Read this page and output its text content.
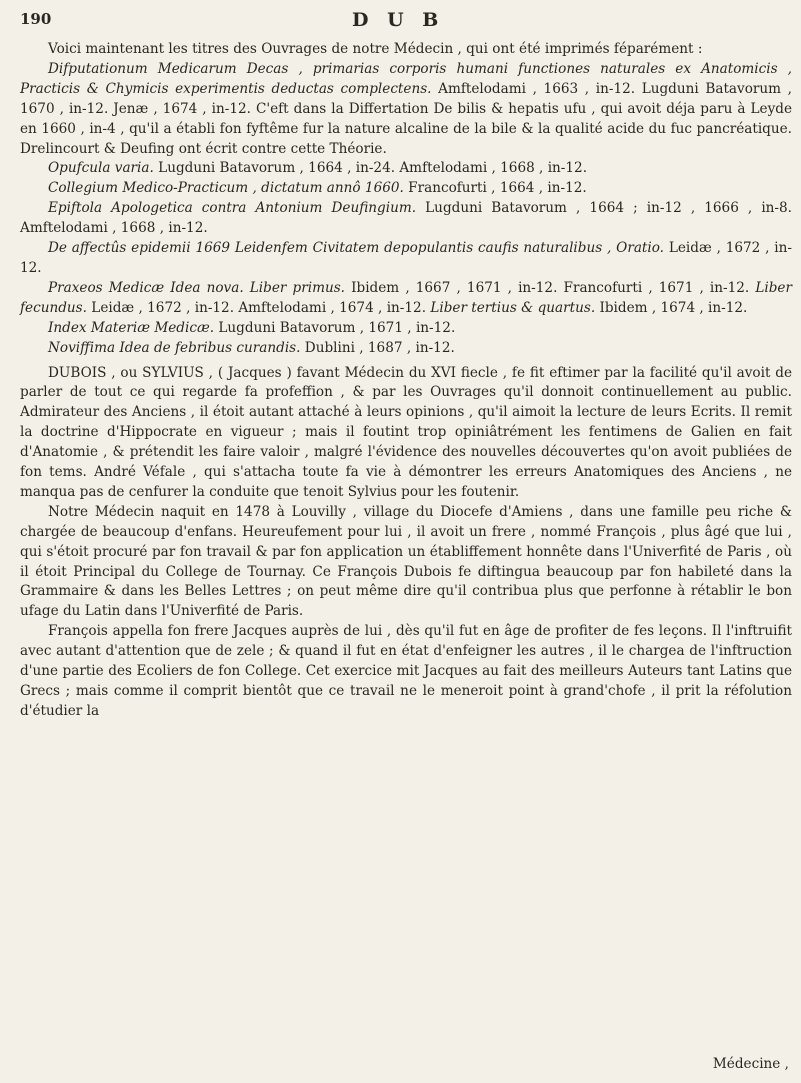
190	D U B

Voici maintenant les titres des Ouvrages de notre Médecin , qui ont été imprimés féparément :

Difputationum Medicarum Decas , primarias corporis humani functiones naturales ex Anatomicis , Practicis & Chymicis experimentis deductas complectens. Amftelodami , 1663 , in-12. Lugduni Batavorum , 1670 , in-12. Jenæ , 1674 , in-12. C'eft dans la Differtation De bilis & hepatis ufu , qui avoit déja paru à Leyde en 1660 , in-4 , qu'il a établi fon fyftême fur la nature alcaline de la bile & la qualité acide du fuc pancréatique. Drelincourt & Deufing ont écrit contre cette Théorie.

Opufcula varia. Lugduni Batavorum , 1664 , in-24. Amftelodami , 1668 , in-12.

Collegium Medico-Practicum , dictatum annô 1660. Francofurti , 1664 , in-12.

Epiftola Apologetica contra Antonium Deufingium. Lugduni Batavorum , 1664 ; in-12 , 1666 , in-8. Amftelodami , 1668 , in-12.

De affectûs epidemii 1669 Leidenfem Civitatem depopulantis caufis naturalibus , Oratio. Leidæ , 1672 , in-12.

Praxeos Medicæ Idea nova. Liber primus. Ibidem , 1667 , 1671 , in-12. Francofurti , 1671 , in-12. Liber fecundus. Leidæ , 1672 , in-12. Amftelodami , 1674 , in-12. Liber tertius & quartus. Ibidem , 1674 , in-12.

Index Materiæ Medicæ. Lugduni Batavorum , 1671 , in-12.

Noviffima Idea de febribus curandis. Dublini , 1687 , in-12.

DUBOIS , ou SYLVIUS , ( Jacques ) favant Médecin du XVI fiecle , fe fit eftimer par la facilité qu'il avoit de parler de tout ce qui regarde fa profeffion , & par les Ouvrages qu'il donnoit continuellement au public. Admirateur des Anciens , il étoit autant attaché à leurs opinions , qu'il aimoit la lecture de leurs Ecrits. Il remit la doctrine d'Hippocrate en vigueur ; mais il foutint trop opiniâtrément les fentimens de Galien en fait d'Anatomie , & prétendit les faire valoir , malgré l'évidence des nouvelles découvertes qu'on avoit publiées de fon tems. André Véfale , qui s'attacha toute fa vie à démontrer les erreurs Anatomiques des Anciens , ne manqua pas de cenfurer la conduite que tenoit Sylvius pour les foutenir.

Notre Médecin naquit en 1478 à Louvilly , village du Diocefe d'Amiens , dans une famille peu riche & chargée de beaucoup d'enfans. Heureufement pour lui , il avoit un frere , nommé François , plus âgé que lui , qui s'étoit procuré par fon travail & par fon application un établiffement honnête dans l'Univerfité de Paris , où il étoit Principal du College de Tournay. Ce François Dubois fe diftingua beaucoup par fon habileté dans la Grammaire & dans les Belles Lettres ; on peut même dire qu'il contribua plus que perfonne à rétablir le bon ufage du Latin dans l'Univerfité de Paris.

François appella fon frere Jacques auprès de lui , dès qu'il fut en âge de profiter de fes leçons. Il l'inftruifit avec autant d'attention que de zele ; & quand il fut en état d'enfeigner les autres , il le chargea de l'inftruction d'une partie des Ecoliers de fon College. Cet exercice mit Jacques au fait des meilleurs Auteurs tant Latins que Grecs ; mais comme il comprit bientôt que ce travail ne le meneroit point à grand'chofe , il prit la réfolution d'étudier la

Médecine ,
